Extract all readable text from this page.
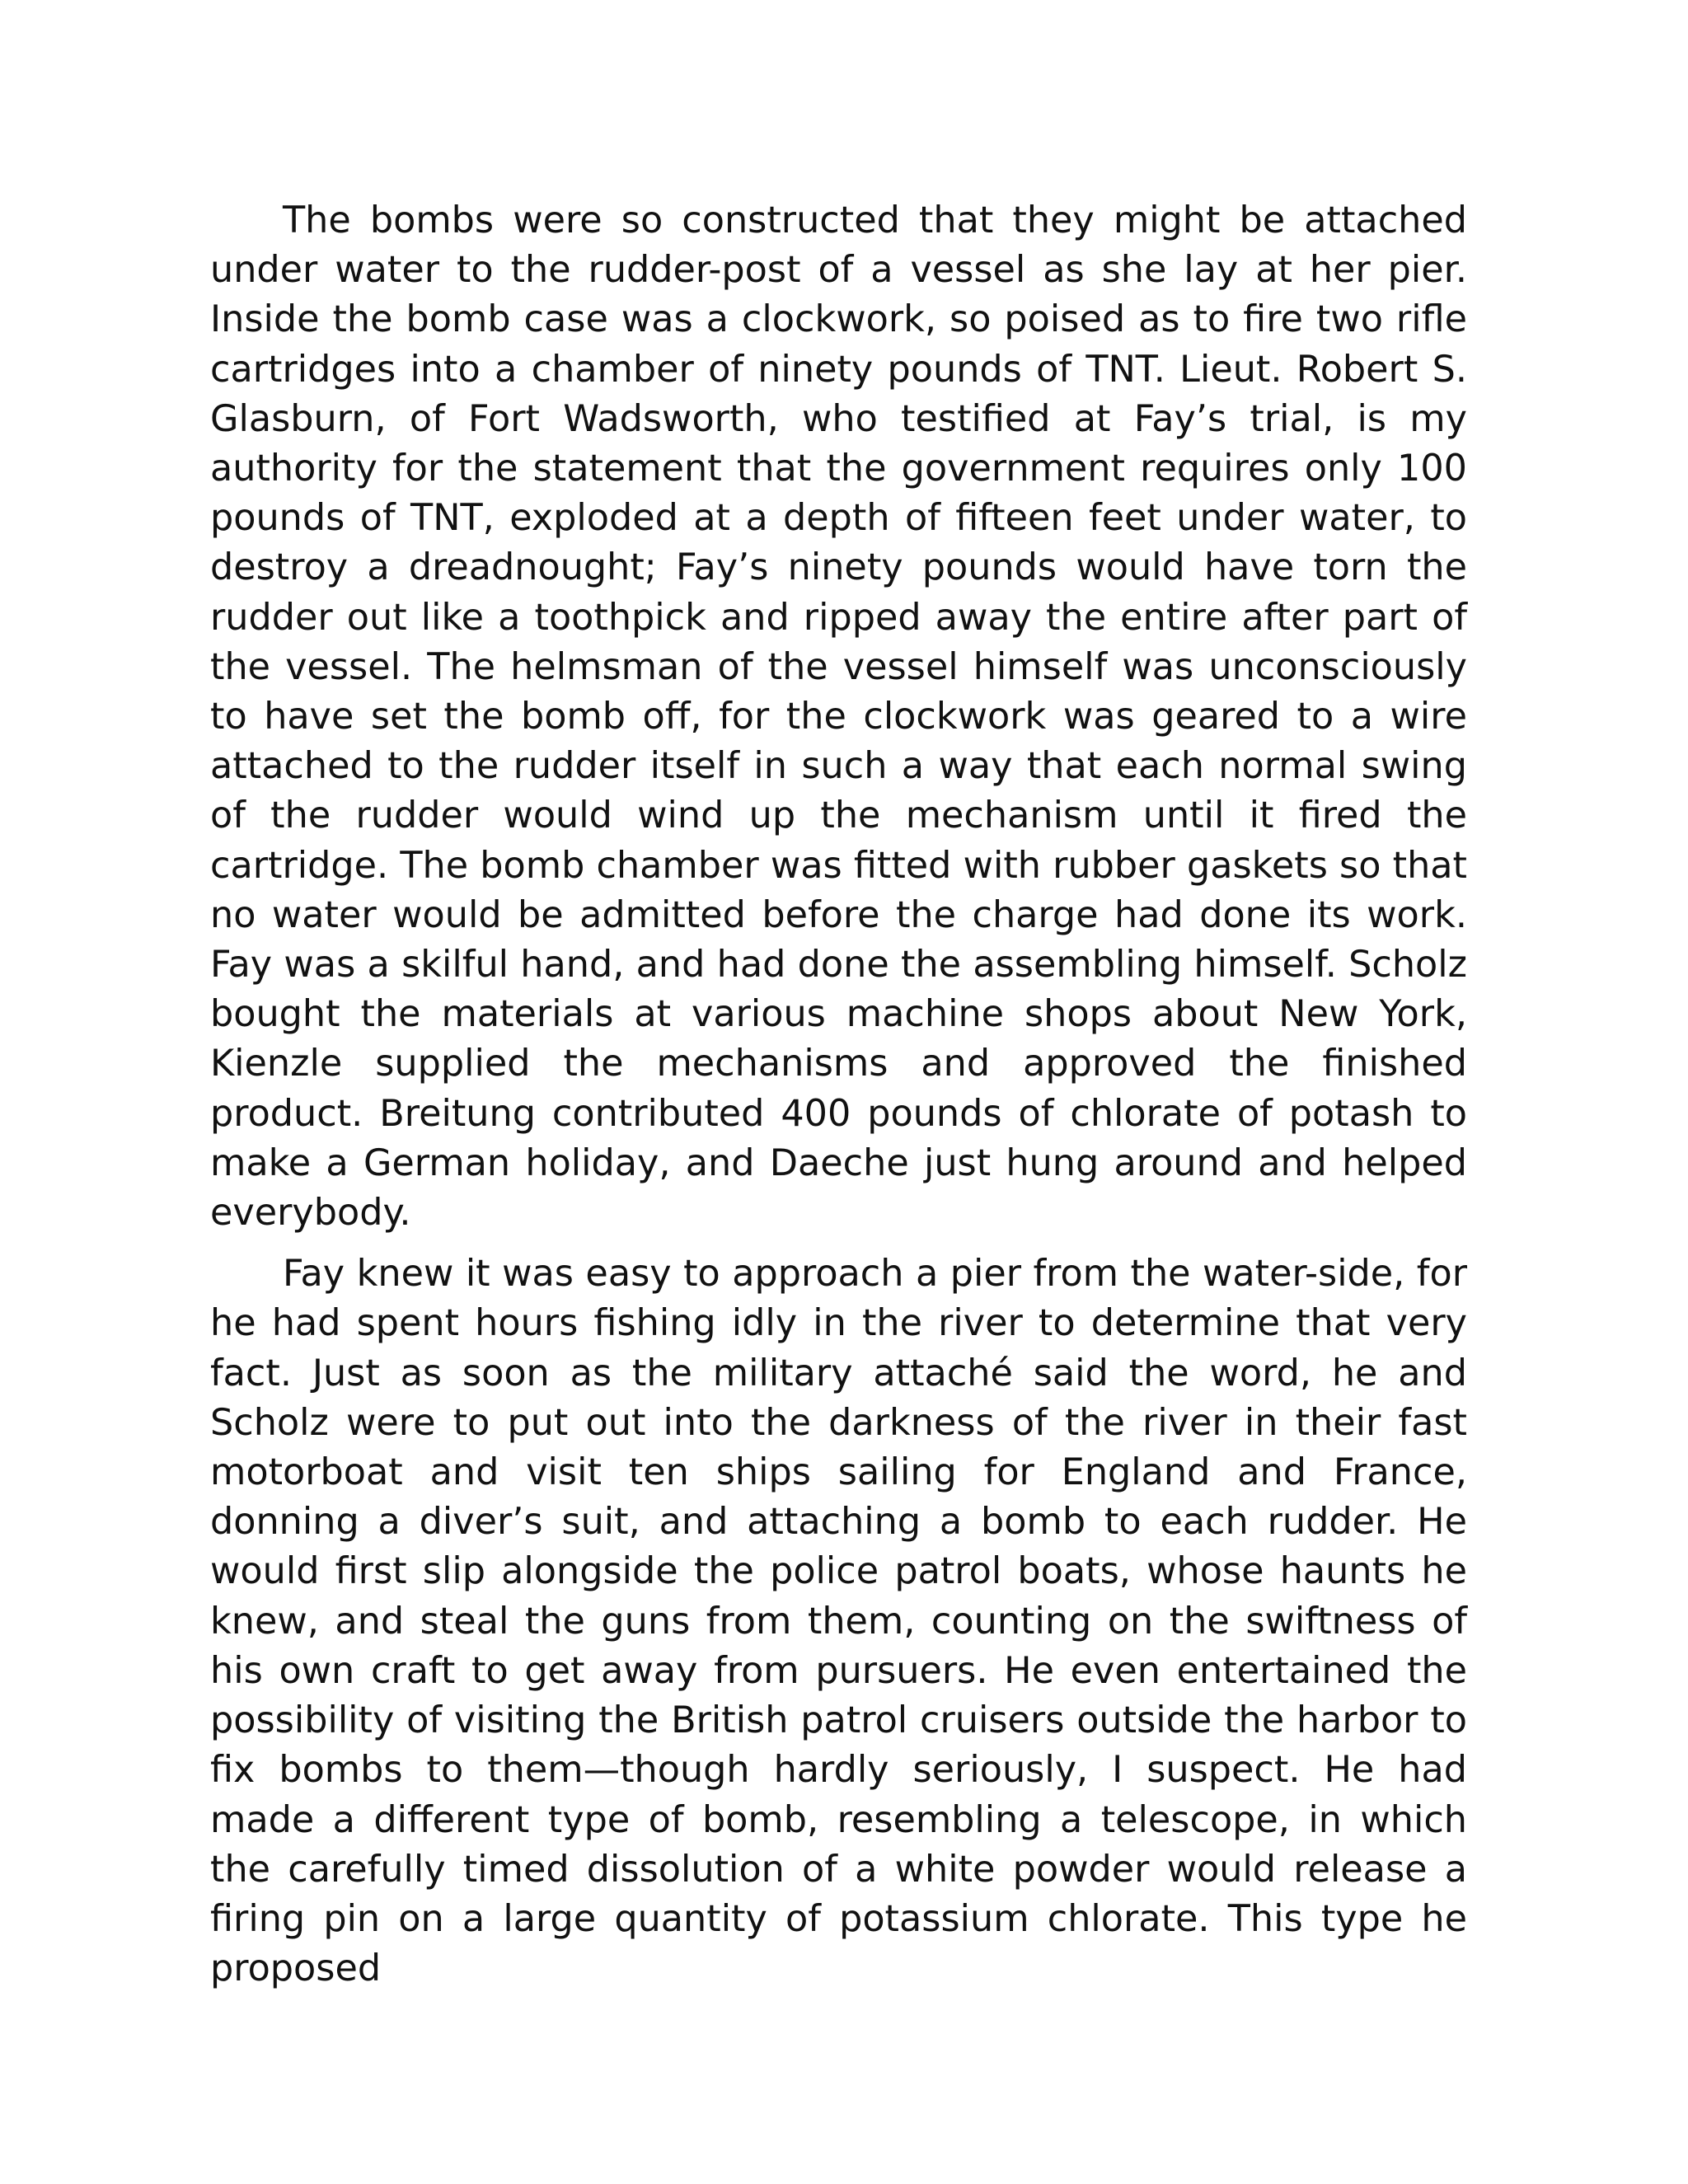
The bombs were so constructed that they might be attached under water to the rudder-post of a vessel as she lay at her pier. Inside the bomb case was a clockwork, so poised as to fire two rifle cartridges into a chamber of ninety pounds of TNT. Lieut. Robert S. Glasburn, of Fort Wadsworth, who testified at Fay’s trial, is my authority for the statement that the government requires only 100 pounds of TNT, exploded at a depth of fifteen feet under water, to destroy a dreadnought; Fay’s ninety pounds would have torn the rudder out like a toothpick and ripped away the entire after part of the vessel. The helmsman of the vessel himself was unconsciously to have set the bomb off, for the clockwork was geared to a wire attached to the rudder itself in such a way that each normal swing of the rudder would wind up the mechanism until it fired the cartridge. The bomb chamber was fitted with rubber gaskets so that no water would be admitted before the charge had done its work. Fay was a skilful hand, and had done the assembling himself. Scholz bought the materials at various machine shops about New York, Kienzle supplied the mechanisms and approved the finished product. Breitung contributed 400 pounds of chlorate of potash to make a German holiday, and Daeche just hung around and helped everybody.

Fay knew it was easy to approach a pier from the water-side, for he had spent hours fishing idly in the river to determine that very fact. Just as soon as the military attaché said the word, he and Scholz were to put out into the darkness of the river in their fast motorboat and visit ten ships sailing for England and France, donning a diver’s suit, and attaching a bomb to each rudder. He would first slip alongside the police patrol boats, whose haunts he knew, and steal the guns from them, counting on the swiftness of his own craft to get away from pursuers. He even entertained the possibility of visiting the British patrol cruisers outside the harbor to fix bombs to them—though hardly seriously, I suspect. He had made a different type of bomb, resembling a telescope, in which the carefully timed dissolution of a white powder would release a firing pin on a large quantity of potassium chlorate. This type he proposed
